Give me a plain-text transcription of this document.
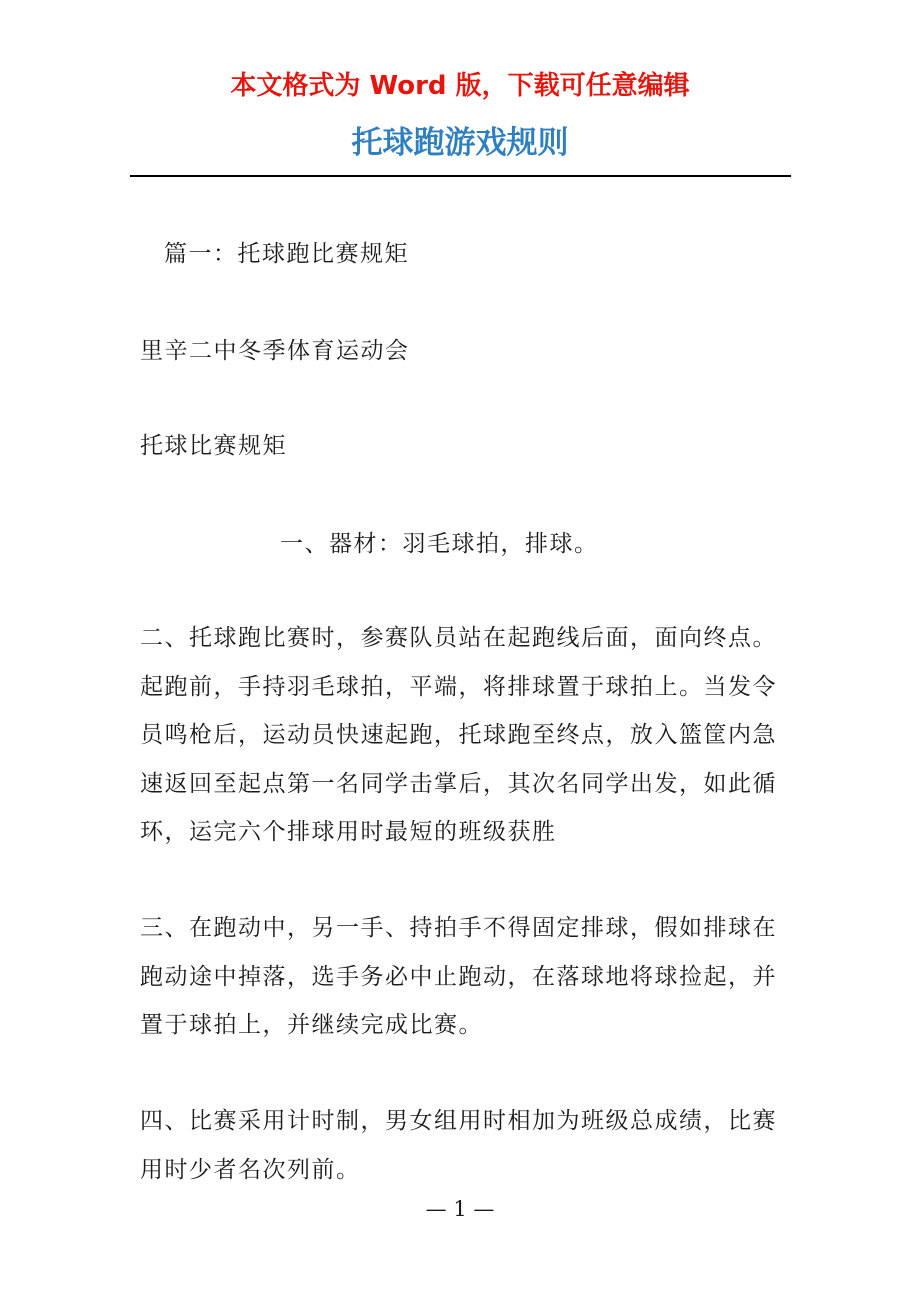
本文格式为 Word 版，下载可任意编辑
托球跑游戏规则

篇一：托球跑比赛规矩

里辛二中冬季体育运动会

托球比赛规矩

一、器材：羽毛球拍，排球。

二、托球跑比赛时，参赛队员站在起跑线后面，面向终点。起跑前，手持羽毛球拍，平端，将排球置于球拍上。当发令员鸣枪后，运动员快速起跑，托球跑至终点，放入篮筐内急速返回至起点第一名同学击掌后，其次名同学出发，如此循环，运完六个排球用时最短的班级获胜

三、在跑动中，另一手、持拍手不得固定排球，假如排球在跑动途中掉落，选手务必中止跑动，在落球地将球捡起，并置于球拍上，并继续完成比赛。

四、比赛采用计时制，男女组用时相加为班级总成绩，比赛用时少者名次列前。

— 1 —
